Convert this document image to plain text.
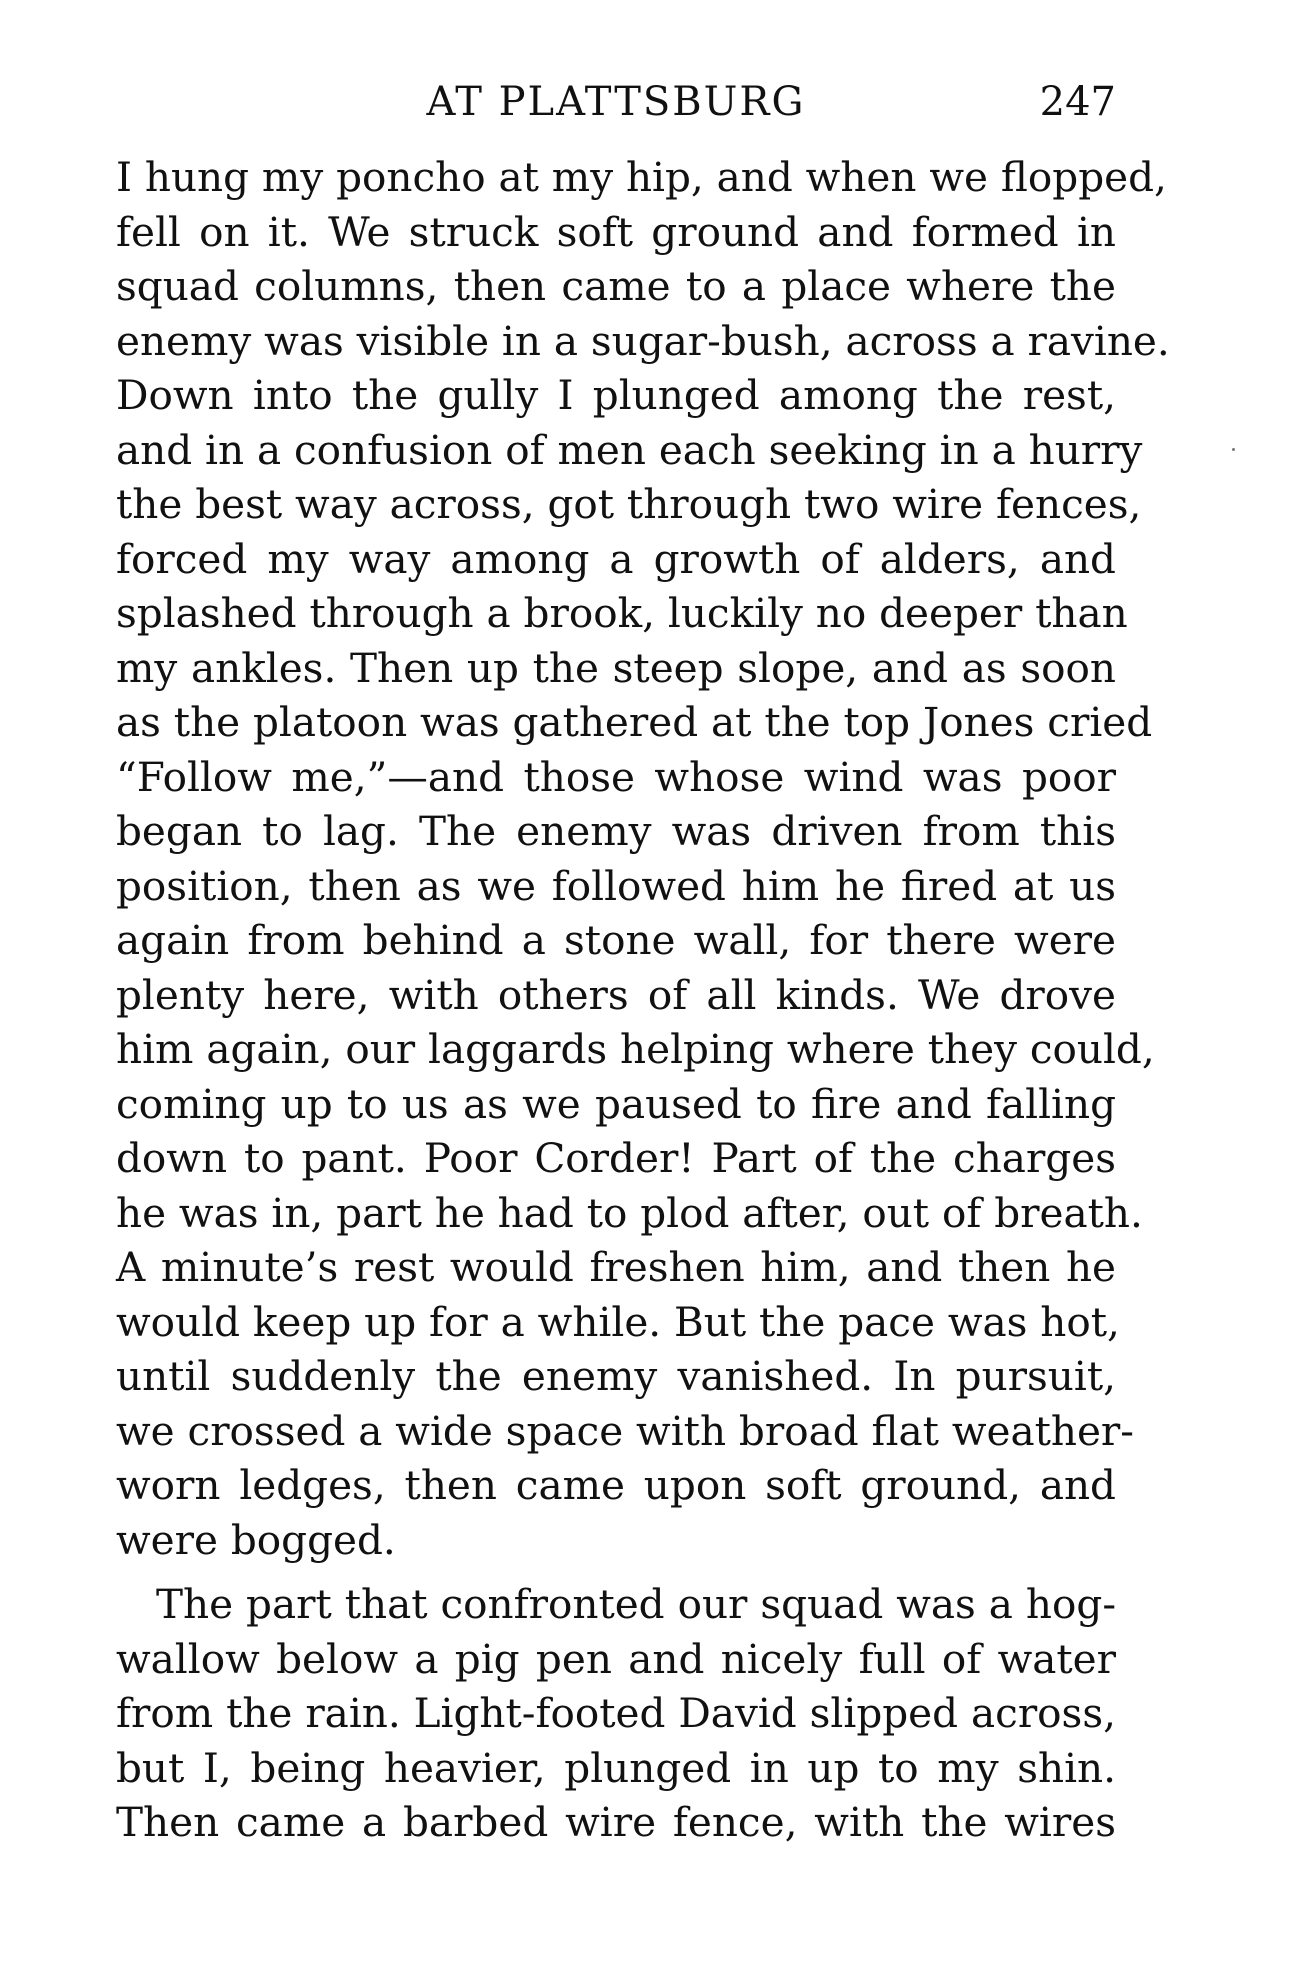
AT PLATTSBURG	247
I hung my poncho at my hip, and when we flopped,
fell on it. We struck soft ground and formed in
squad columns, then came to a place where the
enemy was visible in a sugar-bush, across a ravine.
Down into the gully I plunged among the rest,
and in a confusion of men each seeking in a hurry
the best way across, got through two wire fences,
forced my way among a growth of alders, and
splashed through a brook, luckily no deeper than
my ankles. Then up the steep slope, and as soon
as the platoon was gathered at the top Jones cried
“Follow me,”—and those whose wind was poor
began to lag. The enemy was driven from this
position, then as we followed him he fired at us
again from behind a stone wall, for there were
plenty here, with others of all kinds. We drove
him again, our laggards helping where they could,
coming up to us as we paused to fire and falling
down to pant. Poor Corder! Part of the charges
he was in, part he had to plod after, out of breath.
A minute’s rest would freshen him, and then he
would keep up for a while. But the pace was hot,
until suddenly the enemy vanished. In pursuit,
we crossed a wide space with broad flat weather-
worn ledges, then came upon soft ground, and
were bogged.
The part that confronted our squad was a hog-
wallow below a pig pen and nicely full of water
from the rain. Light-footed David slipped across,
but I, being heavier, plunged in up to my shin.
Then came a barbed wire fence, with the wires
